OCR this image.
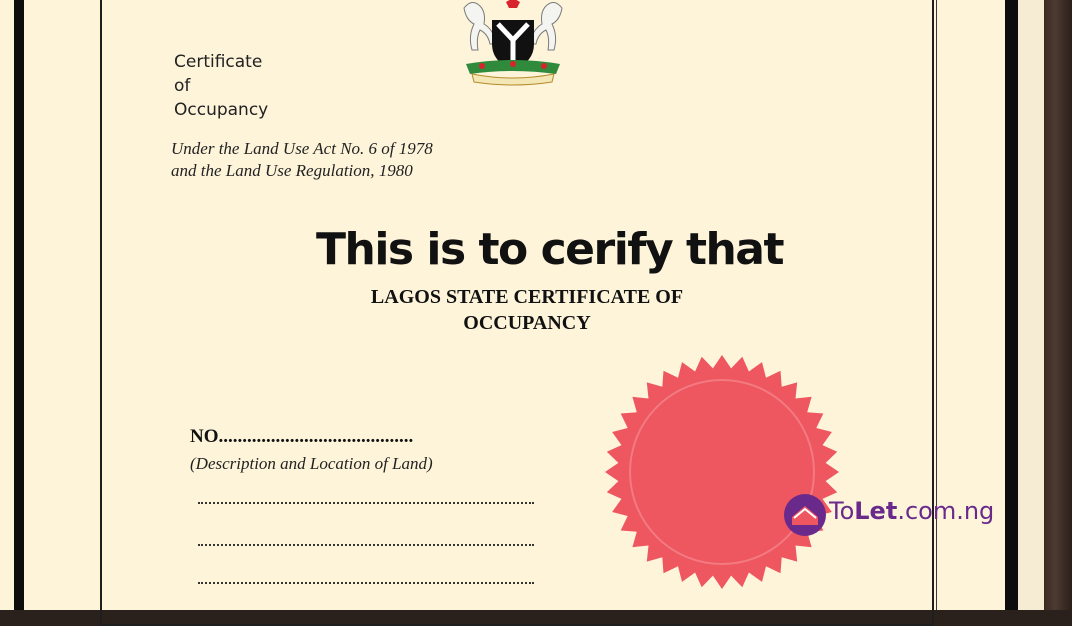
Certificate
of
Occupancy
Under the Land Use Act No. 6 of 1978
and the Land Use Regulation, 1980
This is to cerify that
LAGOS STATE CERTIFICATE OF
OCCUPANCY
NO.........................................
(Description and Location of Land)
ToLet.com.ng
